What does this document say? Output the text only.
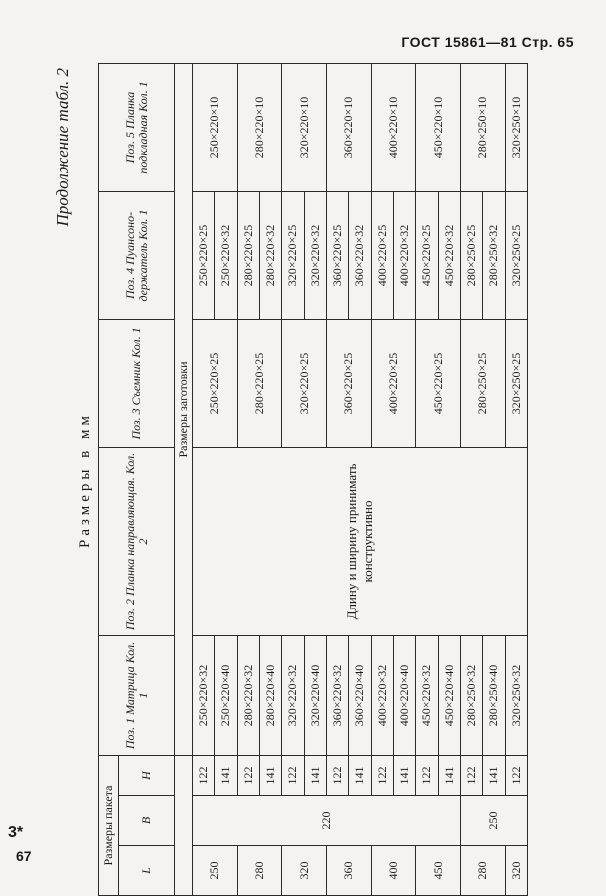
ГОСТ 15861—81 Стр. 65
3*
67
Продолжение табл. 2
Размеры в мм
Размеры пакета			Поз. 1 Матрица Кол. 1	Поз. 2 Планка направляющая. Кол. 2	Поз. 3 Съемник Кол. 1	Поз. 4 Пуансоно-держатель Кол. 1	Поз. 5 Планка подкладная Кол. 1
L	B	H					
			Размеры заготовки				
250	220	122	250×220×32	Длину и ширину принимать конструктивно	250×220×25	250×220×25	250×220×10
		141	250×220×40			250×220×32	
280		122	280×220×32		280×220×25	280×220×25	280×220×10
		141	280×220×40			280×220×32	
320		122	320×220×32		320×220×25	320×220×25	320×220×10
		141	320×220×40			320×220×32	
360		122	360×220×32		360×220×25	360×220×25	360×220×10
		141	360×220×40			360×220×32	
400		122	400×220×32		400×220×25	400×220×25	400×220×10
		141	400×220×40			400×220×32	
450		122	450×220×32		450×220×25	450×220×25	450×220×10
		141	450×220×40			450×220×32	
280	250	122	280×250×32		280×250×25	280×250×25	280×250×10
		141	280×250×40			280×250×32	
320		122	320×250×32		320×250×25	320×250×25	320×250×10
